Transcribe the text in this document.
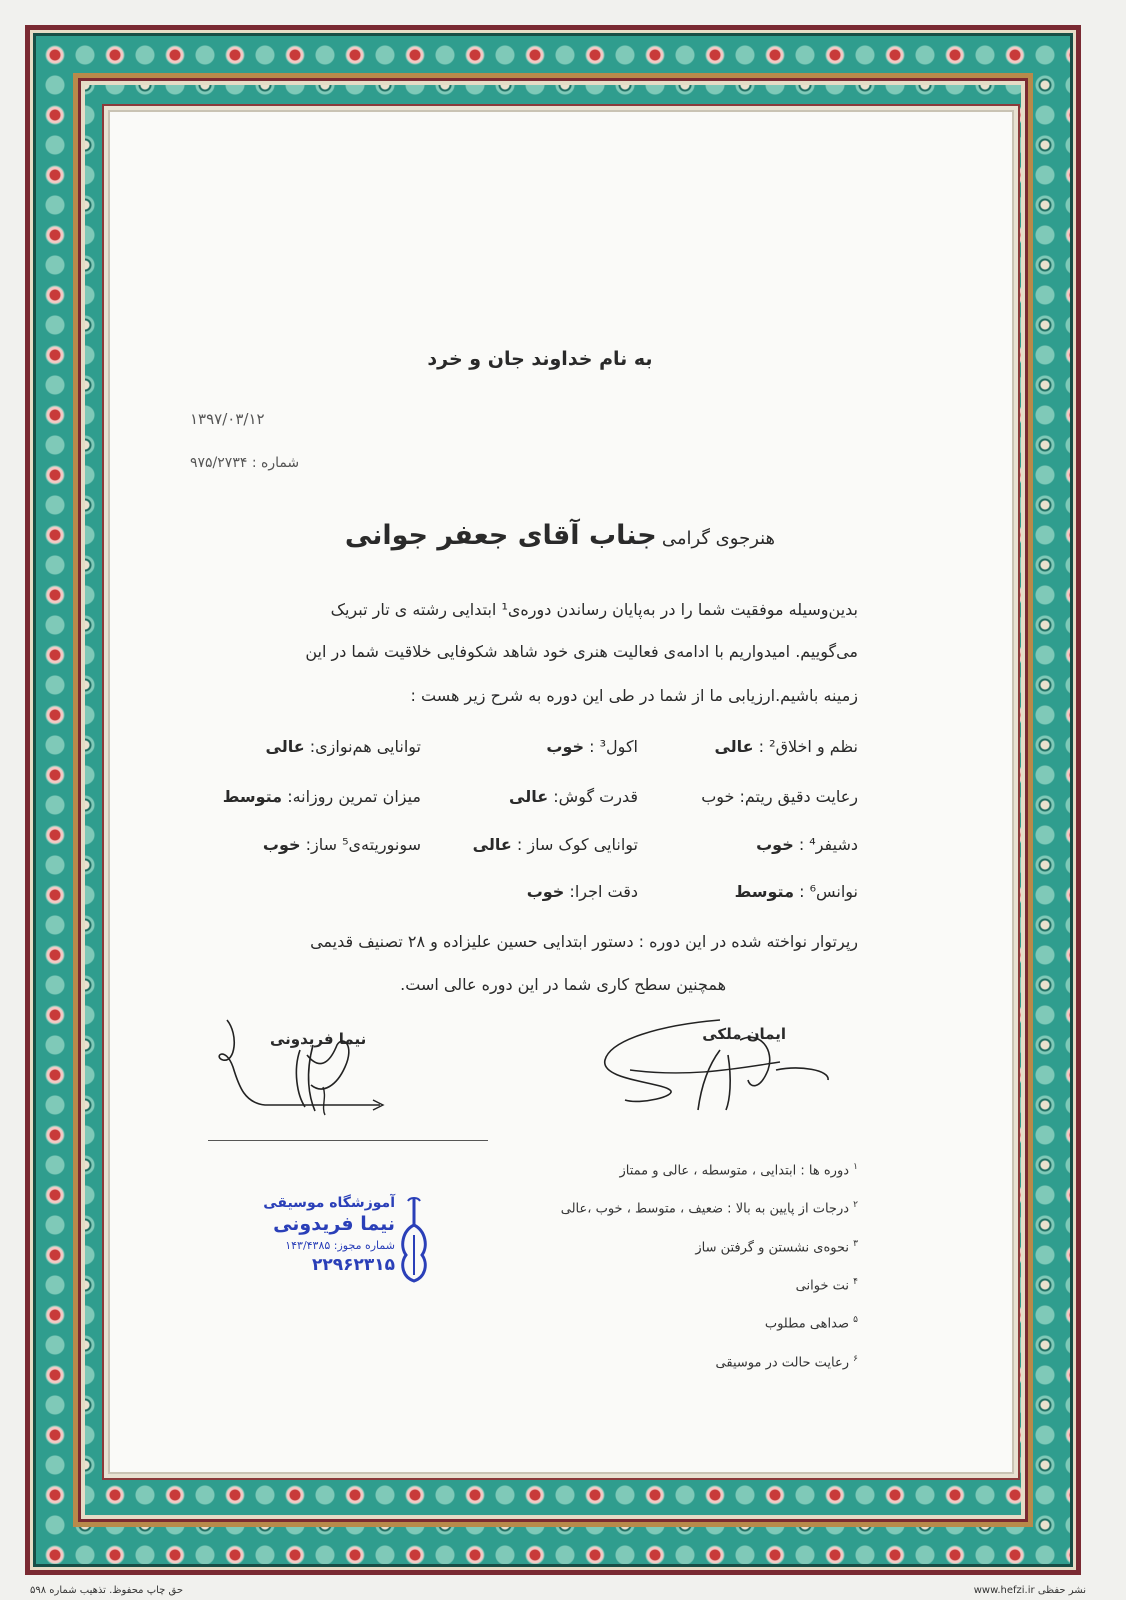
به نام خداوند جان و خرد
۱۳۹۷/۰۳/۱۲
شماره : ۹۷۵/۲۷۳۴
هنرجوی گرامی جناب آقای جعفر جوانی
بدین‌وسیله موفقیت شما را در به‌پایان رساندن دوره‌ی¹ ابتدایی رشته ی تار تبریک
می‌گوییم. امیدواریم با ادامه‌ی فعالیت هنری خود شاهد شکوفایی خلاقیت شما در این
زمینه باشیم.ارزیابی ما از شما در طی این دوره به شرح زیر هست :
نظم و اخلاق² : عالی
اکول³ : خوب
توانایی هم‌نوازی: عالی
رعایت دقیق ریتم: خوب
قدرت گوش: عالی
میزان تمرین روزانه: متوسط
دشیفر⁴ : خوب
توانایی کوک ساز : عالی
سونوریته‌ی⁵ ساز: خوب
نوانس⁶ : متوسط
دقت اجرا: خوب
رپرتوار نواخته شده در این دوره : دستور ابتدایی حسین علیزاده و ۲۸ تصنیف قدیمی
همچنین سطح کاری شما در این دوره عالی است.
نیما فریدونی	ایمان ملکی
$^۱$ دوره ها : ابتدایی ، متوسطه ، عالی و ممتاز
$^۲$ درجات از پایین به بالا : ضعیف ، متوسط ، خوب ،عالی
$^۳$ نحوه‌ی نشستن و گرفتن ساز
$^۴$ نت خوانی
$^۵$ صداهی مطلوب
$^۶$ رعایت حالت در موسیقی
آموزشگاه موسیقی
نیما فریدونی
شماره مجوز: ۱۴۳/۴۳۸۵
۲۲۹۶۲۳۱۵
حق چاپ محفوظ. تذهیب شماره ۵۹۸	www.hefzi.ir نشر حفظی
